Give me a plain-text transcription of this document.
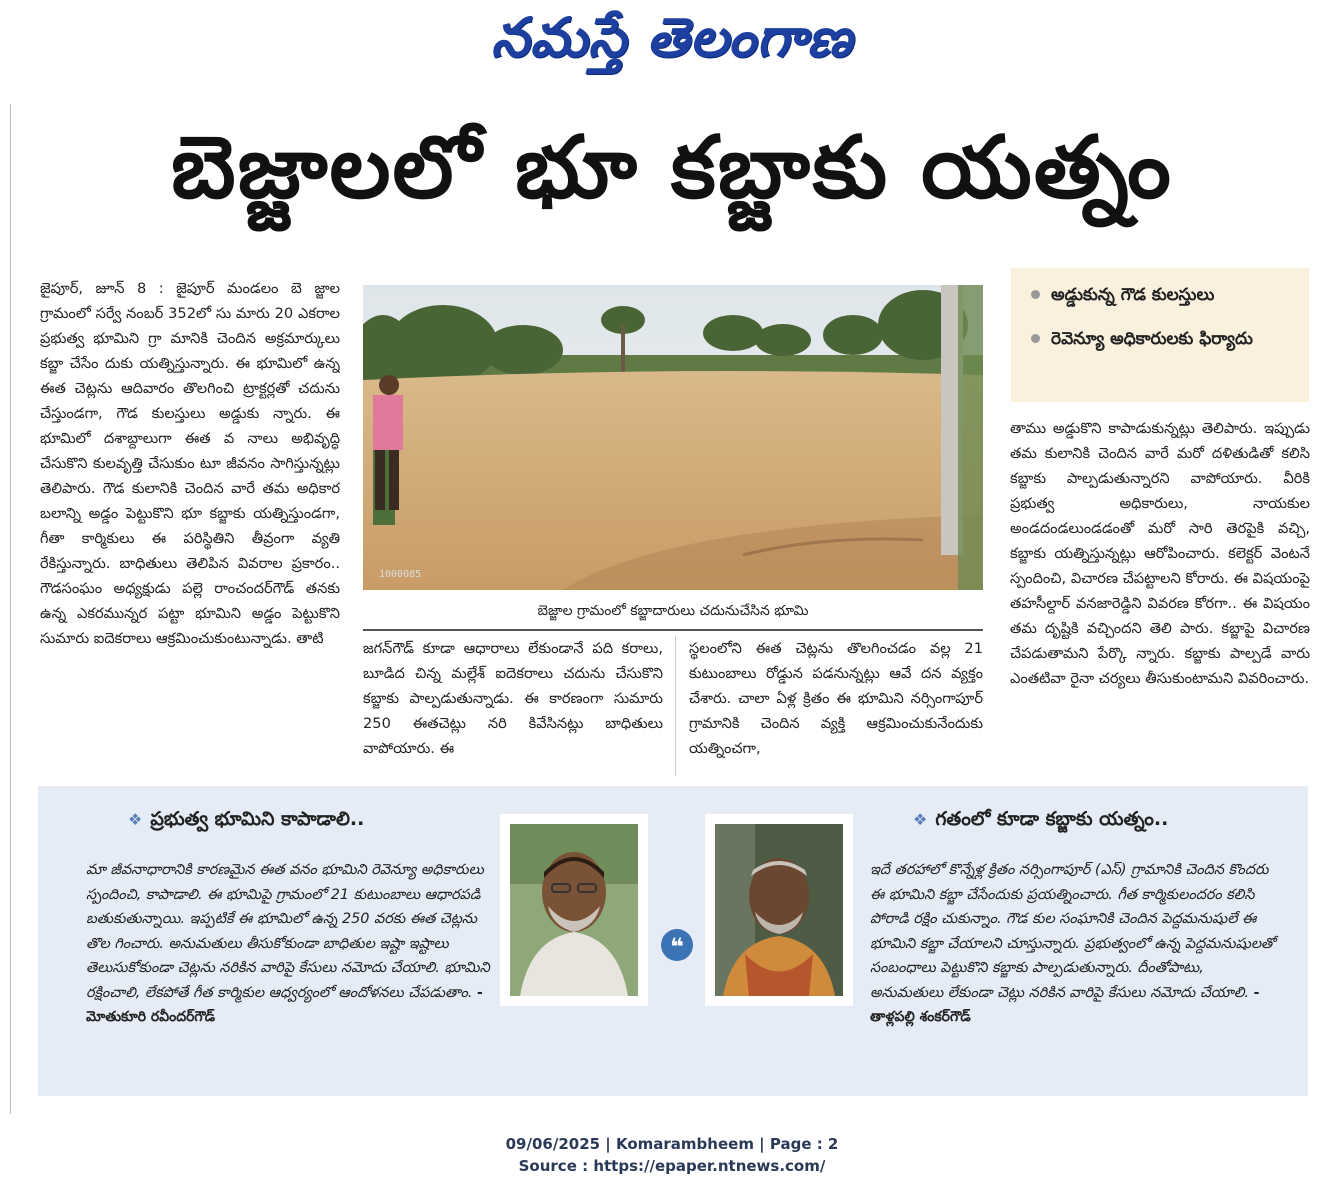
నమస్తే తెలంగాణ
బెజ్జాలలో భూ కబ్జాకు యత్నం

జైపూర్‌, జూన్‌ 8 : జైపూర్‌ మండలం బె జ్జాల గ్రామంలో సర్వే నంబర్‌ 352లో సు మారు 20 ఎకరాల ప్రభుత్వ భూమిని గ్రా మానికి చెందిన అక్రమార్కులు కబ్జా చేసేం దుకు యత్నిస్తున్నారు. ఈ భూమిలో ఉన్న ఈత చెట్లను ఆదివారం తొలగించి ట్రాక్టర్లతో చదును చేస్తుండగా, గౌడ కులస్తులు అడ్డుకు న్నారు. ఈ భూమిలో దశాబ్దాలుగా ఈత వ నాలు అభివృద్ధి చేసుకొని కులవృత్తి చేసుకుం టూ జీవనం సాగిస్తున్నట్లు తెలిపారు. గౌడ కులానికి చెందిన వారే తమ అధికార బలాన్ని అడ్డం పెట్టుకొని భూ కబ్జాకు యత్నిస్తుండగా, గీతా కార్మికులు ఈ పరిస్థితిని తీవ్రంగా వ్యతి రేకిస్తున్నారు. బాధితులు తెలిపిన వివరాల ప్రకారం.. గౌడసంఘం అధ్యక్షుడు పల్లె రాంచందర్‌గౌడ్‌ తనకు ఉన్న ఎకరమున్నర పట్టా భూమిని అడ్డం పెట్టుకొని సుమారు ఐదెకరాలు ఆక్రమించుకుంటున్నాడు. తాటి

1000085
బెజ్జాల గ్రామంలో కబ్జాదారులు చదునుచేసిన భూమి
జగన్‌గౌడ్‌ కూడా ఆధారాలు లేకుండానే పది కరాలు, బూడిద చిన్న మల్లేశ్‌ ఐదెకరాలు చదును చేసుకొని కబ్జాకు పాల్పడుతున్నాడు. ఈ కారణంగా సుమారు 250 ఈతచెట్లు నరి కివేసినట్లు బాధితులు వాపోయారు. ఈ
స్థలంలోని ఈత చెట్లను తొలగించడం వల్ల 21 కుటుంబాలు రోడ్డున పడనున్నట్లు ఆవే దన వ్యక్తం చేశారు. చాలా ఏళ్ల క్రితం ఈ భూమిని నర్సింగాపూర్‌ గ్రామానికి చెందిన వ్యక్తి ఆక్రమించుకునేందుకు యత్నించగా,
అడ్డుకున్న గౌడ కులస్తులు
రెవెన్యూ అధికారులకు ఫిర్యాదు

తాము అడ్డుకొని కాపాడుకున్నట్లు తెలిపారు. ఇప్పుడు తమ కులానికి చెందిన వారే మరో దళితుడితో కలిసి కబ్జాకు పాల్పడుతున్నారని వాపోయారు. వీరికి ప్రభుత్వ అధికారులు, నాయకుల అండదండలుండడంతో మరో సారి తెరపైకి వచ్చి, కబ్జాకు యత్నిస్తున్నట్లు ఆరోపించారు. కలెక్టర్‌ వెంటనే స్పందించి, విచారణ చేపట్టాలని కోరారు. ఈ విషయంపై తహసీల్దార్‌ వనజారెడ్డిని వివరణ కోరగా.. ఈ విషయం తమ దృష్టికి వచ్చిందని తెలి పారు. కబ్జాపై విచారణ చేపడుతామని పేర్కొ న్నారు. కబ్జాకు పాల్పడే వారు ఎంతటివా రైనా చర్యలు తీసుకుంటామని వివరించారు.

❖ ప్రభుత్వ భూమిని కాపాడాలి..

మా జీవనాధారానికి కారణమైన ఈత వనం భూమిని రెవెన్యూ అధికారులు స్పందించి, కాపాడాలి. ఈ భూమిపై గ్రామంలో 21 కుటుంబాలు ఆధారపడి బతుకుతున్నాయి. ఇప్పటికే ఈ భూమిలో ఉన్న 250 వరకు ఈత చెట్లను తొల గించారు. అనుమతులు తీసుకోకుండా బాధితుల ఇష్టా ఇష్టాలు తెలుసుకోకుండా చెట్లను నరికిన వారిపై కేసులు నమోదు చేయాలి. భూమిని రక్షించాలి, లేకపోతే గీత కార్మికుల ఆధ్వర్యంలో ఆందోళనలు చేపడుతాం. - మోతుకూరి రవీందర్‌గౌడ్‌

❝
❖ గతంలో కూడా కబ్జాకు యత్నం..

ఇదే తరహాలో కొన్నేళ్ల క్రితం నర్సింగాపూర్‌ (ఎస్‌) గ్రామానికి చెందిన కొందరు ఈ భూమిని కబ్జా చేసేందుకు ప్రయత్నించారు. గీత కార్మికులందరం కలిసి పోరాడి రక్షిం చుకున్నాం. గౌడ కుల సంఘానికి చెందిన పెద్దమనుషులే ఈ భూమిని కబ్జా చేయాలని చూస్తున్నారు. ప్రభుత్వంలో ఉన్న పెద్దమనుషులతో సంబంధాలు పెట్టుకొని కబ్జాకు పాల్పడుతున్నారు. దీంతోపాటు, అనుమతులు లేకుండా చెట్లు నరికిన వారిపై కేసులు నమోదు చేయాలి. - తాళ్లపల్లి శంకర్‌గౌడ్‌

09/06/2025 | Komarambheem | Page : 2
Source : https://epaper.ntnews.com/
